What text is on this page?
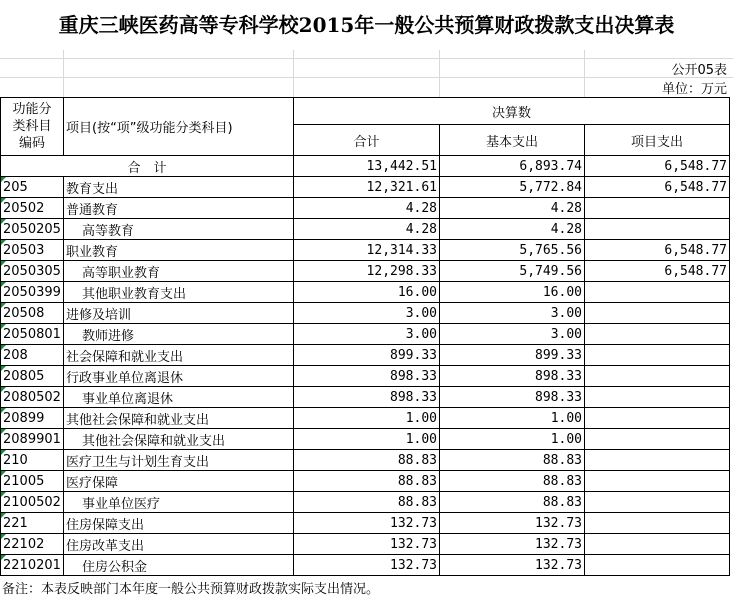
重庆三峡医药高等专科学校2015年一般公共预算财政拨款支出决算表
公开05表
单位：万元
功能分
类科目
编码	项目(按“项”级功能分类科目)	决算数		
		合计	基本支出	项目支出
合　计		13,442.51	6,893.74	6,548.77

205	教育支出	12,321.61	5,772.84	6,548.77

20502	普通教育	4.28	4.28	

2050205	高等教育	4.28	4.28	

20503	职业教育	12,314.33	5,765.56	6,548.77

2050305	高等职业教育	12,298.33	5,749.56	6,548.77

2050399	其他职业教育支出	16.00	16.00	

20508	进修及培训	3.00	3.00	

2050801	教师进修	3.00	3.00	

208	社会保障和就业支出	899.33	899.33	

20805	行政事业单位离退休	898.33	898.33	

2080502	事业单位离退休	898.33	898.33	

20899	其他社会保障和就业支出	1.00	1.00	

2089901	其他社会保障和就业支出	1.00	1.00	

210	医疗卫生与计划生育支出	88.83	88.83	

21005	医疗保障	88.83	88.83	

2100502	事业单位医疗	88.83	88.83	

221	住房保障支出	132.73	132.73	

22102	住房改革支出	132.73	132.73	

2210201	住房公积金	132.73	132.73	
备注：本表反映部门本年度一般公共预算财政拨款实际支出情况。
